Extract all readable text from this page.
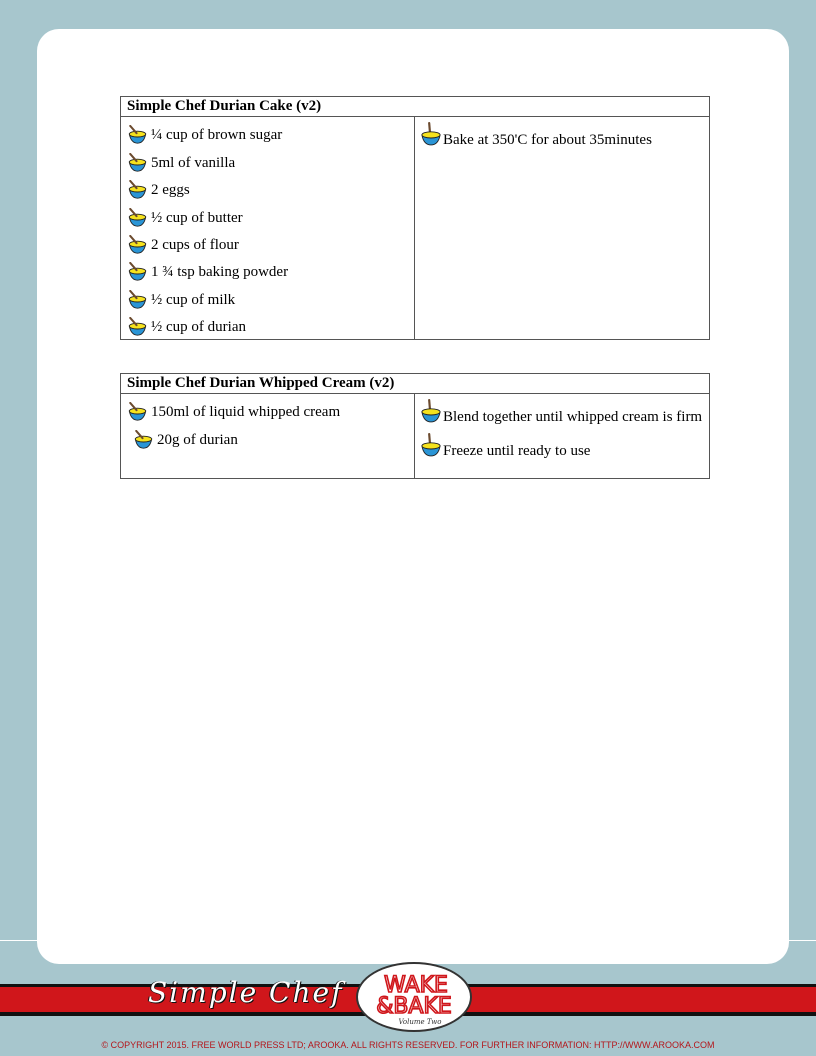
Simple Chef Durian Cake (v2)

¼ cup of brown sugar
5ml of vanilla
2 eggs
½ cup of butter
2 cups of flour
1 ¾ tsp baking powder
½ cup of milk
½ cup of durian

Bake at 350'C for about 35minutes
Simple Chef Durian Whipped Cream (v2)

150ml of liquid whipped cream
20g of durian

Blend together until whipped cream is firm
Freeze until ready to use
Simple Chef WAKE
&BAKE
Volume Two
© COPYRIGHT 2015. FREE WORLD PRESS LTD; AROOKA. ALL RIGHTS RESERVED. FOR FURTHER INFORMATION: HTTP://WWW.AROOKA.COM
